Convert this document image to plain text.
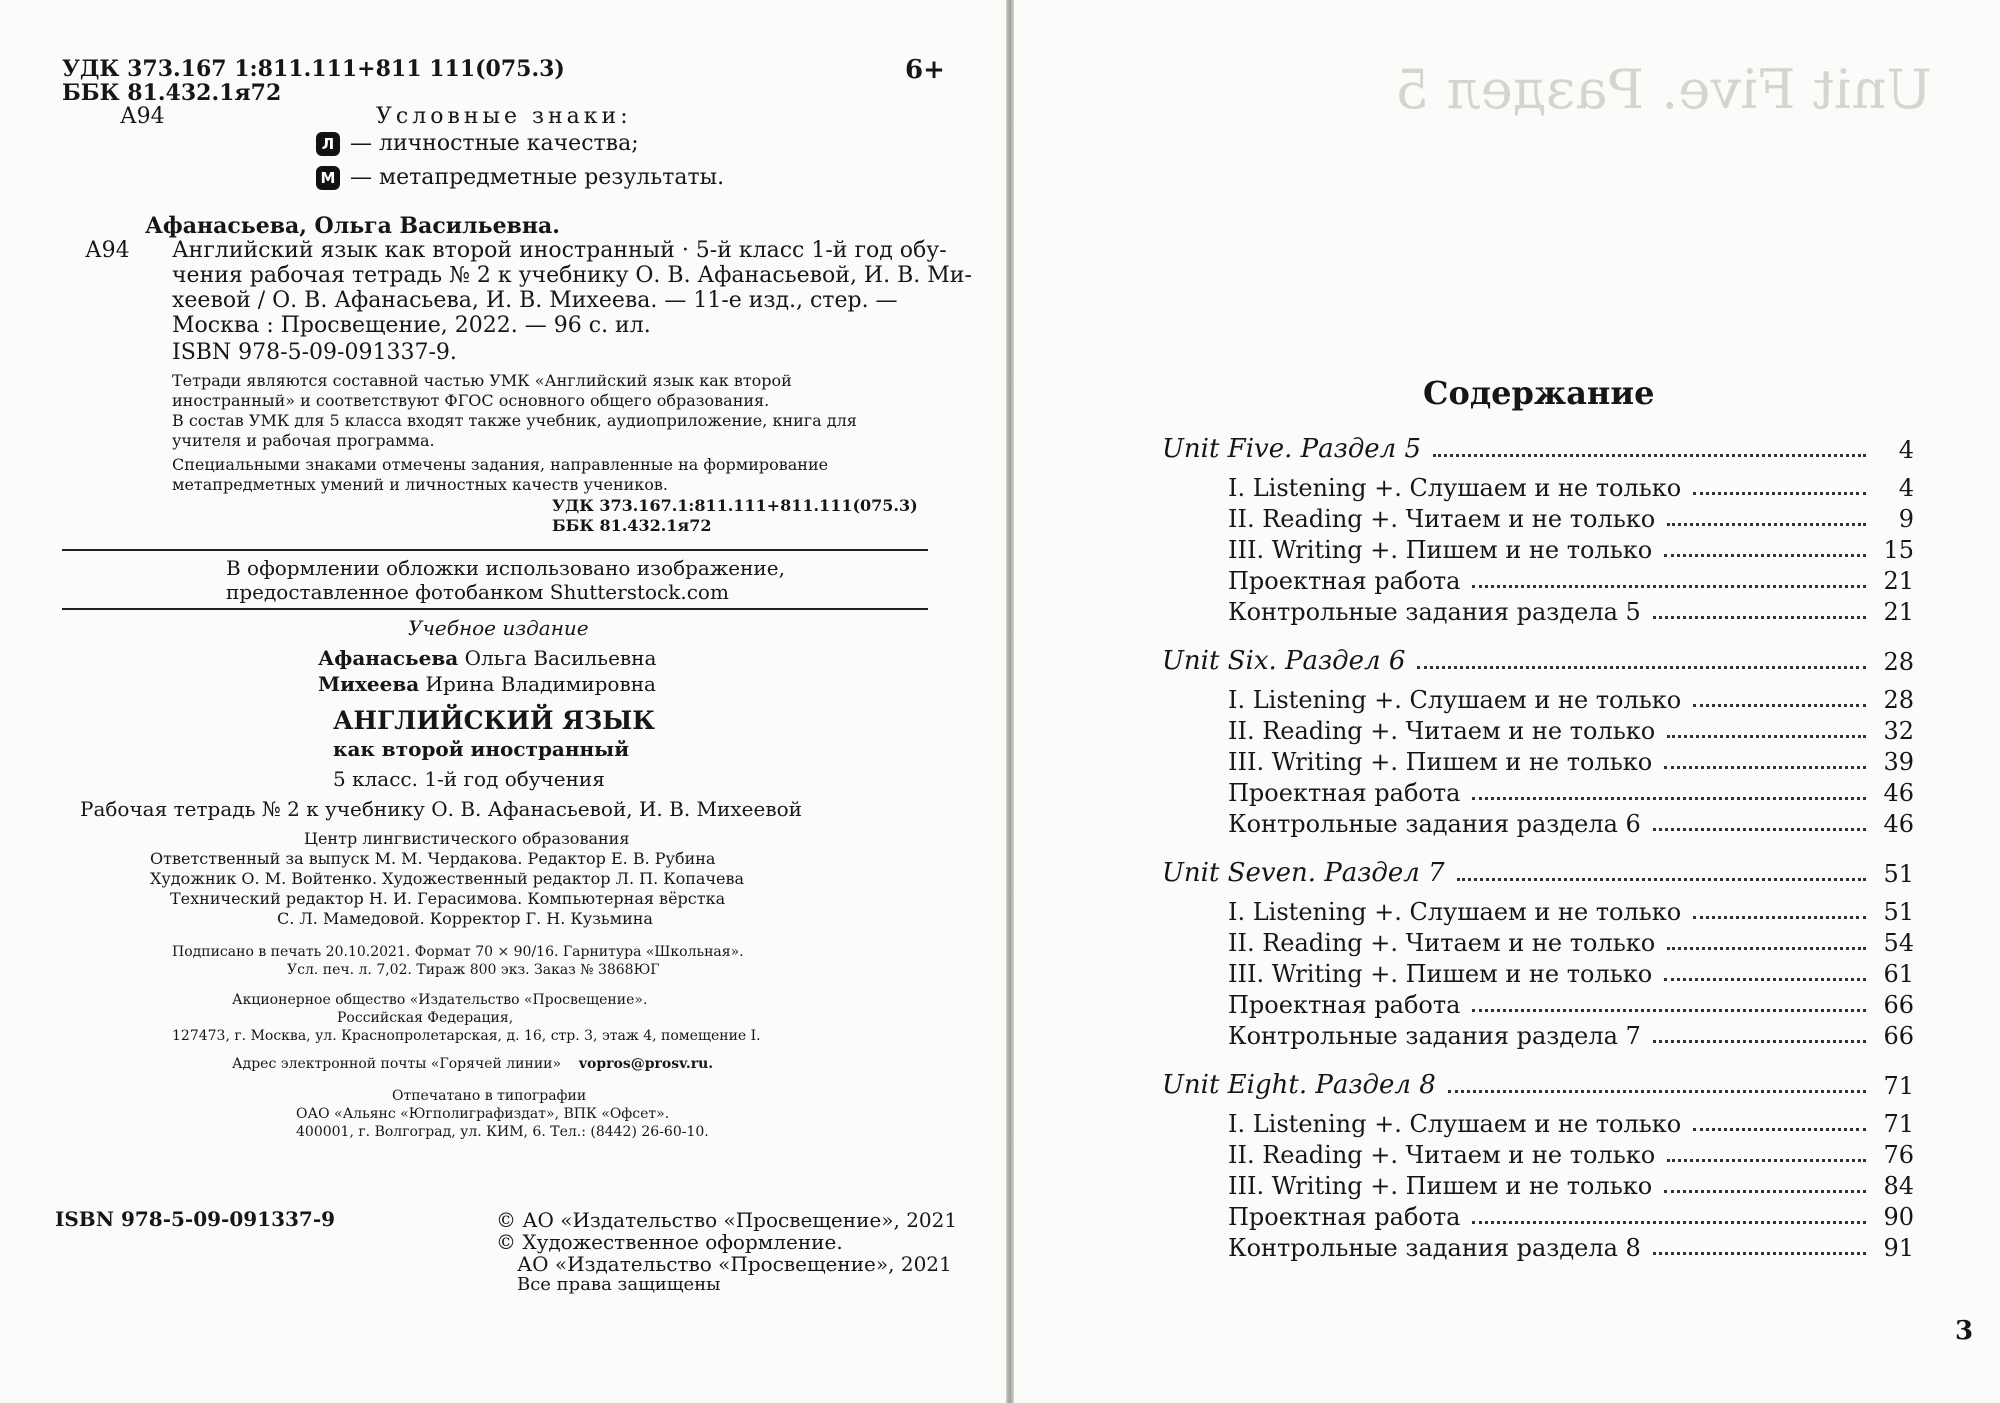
УДК 373.167 1:811.111+811 111(075.3)
ББК 81.432.1я72
6+
А94	Условные знаки:
Л — личностные качества;
М — метапредметные результаты.
Афанасьева, Ольга Васильевна.
А94 Английский язык как второй иностранный · 5-й класс 1-й год обу-
чения рабочая тетрадь № 2 к учебнику О. В. Афанасьевой, И. В. Ми-
хеевой / О. В. Афанасьева, И. В. Михеева. — 11-е изд., стер. —
Москва : Просвещение, 2022. — 96 с. ил.
ISBN 978-5-09-091337-9.
Тетради являются составной частью УМК «Английский язык как второй
иностранный» и соответствуют ФГОС основного общего образования.
В состав УМК для 5 класса входят также учебник, аудиоприложение, книга для
учителя и рабочая программа.
Специальными знаками отмечены задания, направленные на формирование
метапредметных умений и личностных качеств учеников.
УДК 373.167.1:811.111+811.111(075.3)
ББК 81.432.1я72
В оформлении обложки использовано изображение,
предоставленное фотобанком Shutterstock.com
Учебное издание
Афанасьева Ольга Васильевна
Михеева Ирина Владимировна
АНГЛИЙСКИЙ ЯЗЫК
как второй иностранный
5 класс. 1-й год обучения
Рабочая тетрадь № 2 к учебнику О. В. Афанасьевой, И. В. Михеевой
Центр лингвистического образования
Ответственный за выпуск М. М. Чердакова. Редактор Е. В. Рубина
Художник О. М. Войтенко. Художественный редактор Л. П. Копачева
Технический редактор Н. И. Герасимова. Компьютерная вёрстка
С. Л. Мамедовой. Корректор Г. Н. Кузьмина
Подписано в печать 20.10.2021. Формат 70 × 90/16. Гарнитура «Школьная».
Усл. печ. л. 7,02. Тираж 800 экз. Заказ № 3868ЮГ
Акционерное общество «Издательство «Просвещение».
Российская Федерация,
127473, г. Москва, ул. Краснопролетарская, д. 16, стр. 3, этаж 4, помещение I.
Адрес электронной почты «Горячей линии» vopros@prosv.ru.
Отпечатано в типографии
ОАО «Альянс «Югполиграфиздат», ВПК «Офсет».
400001, г. Волгоград, ул. КИМ, 6. Тел.: (8442) 26-60-10.
ISBN 978-5-09-091337-9	© АО «Издательство «Просвещение», 2021
© Художественное оформление.
АО «Издательство «Просвещение», 2021
Все права защищены
Unit Five. Раздел 5
Содержание
Unit Five. Раздел 5	4
I. Listening +. Слушаем и не только	4
II. Reading +. Читаем и не только	9
III. Writing +. Пишем и не только	15
Проектная работа	21
Контрольные задания раздела 5	21
Unit Six. Раздел 6	28
I. Listening +. Слушаем и не только	28
II. Reading +. Читаем и не только	32
III. Writing +. Пишем и не только	39
Проектная работа	46
Контрольные задания раздела 6	46
Unit Seven. Раздел 7	51
I. Listening +. Слушаем и не только	51
II. Reading +. Читаем и не только	54
III. Writing +. Пишем и не только	61
Проектная работа	66
Контрольные задания раздела 7	66
Unit Eight. Раздел 8	71
I. Listening +. Слушаем и не только	71
II. Reading +. Читаем и не только	76
III. Writing +. Пишем и не только	84
Проектная работа	90
Контрольные задания раздела 8	91
3
